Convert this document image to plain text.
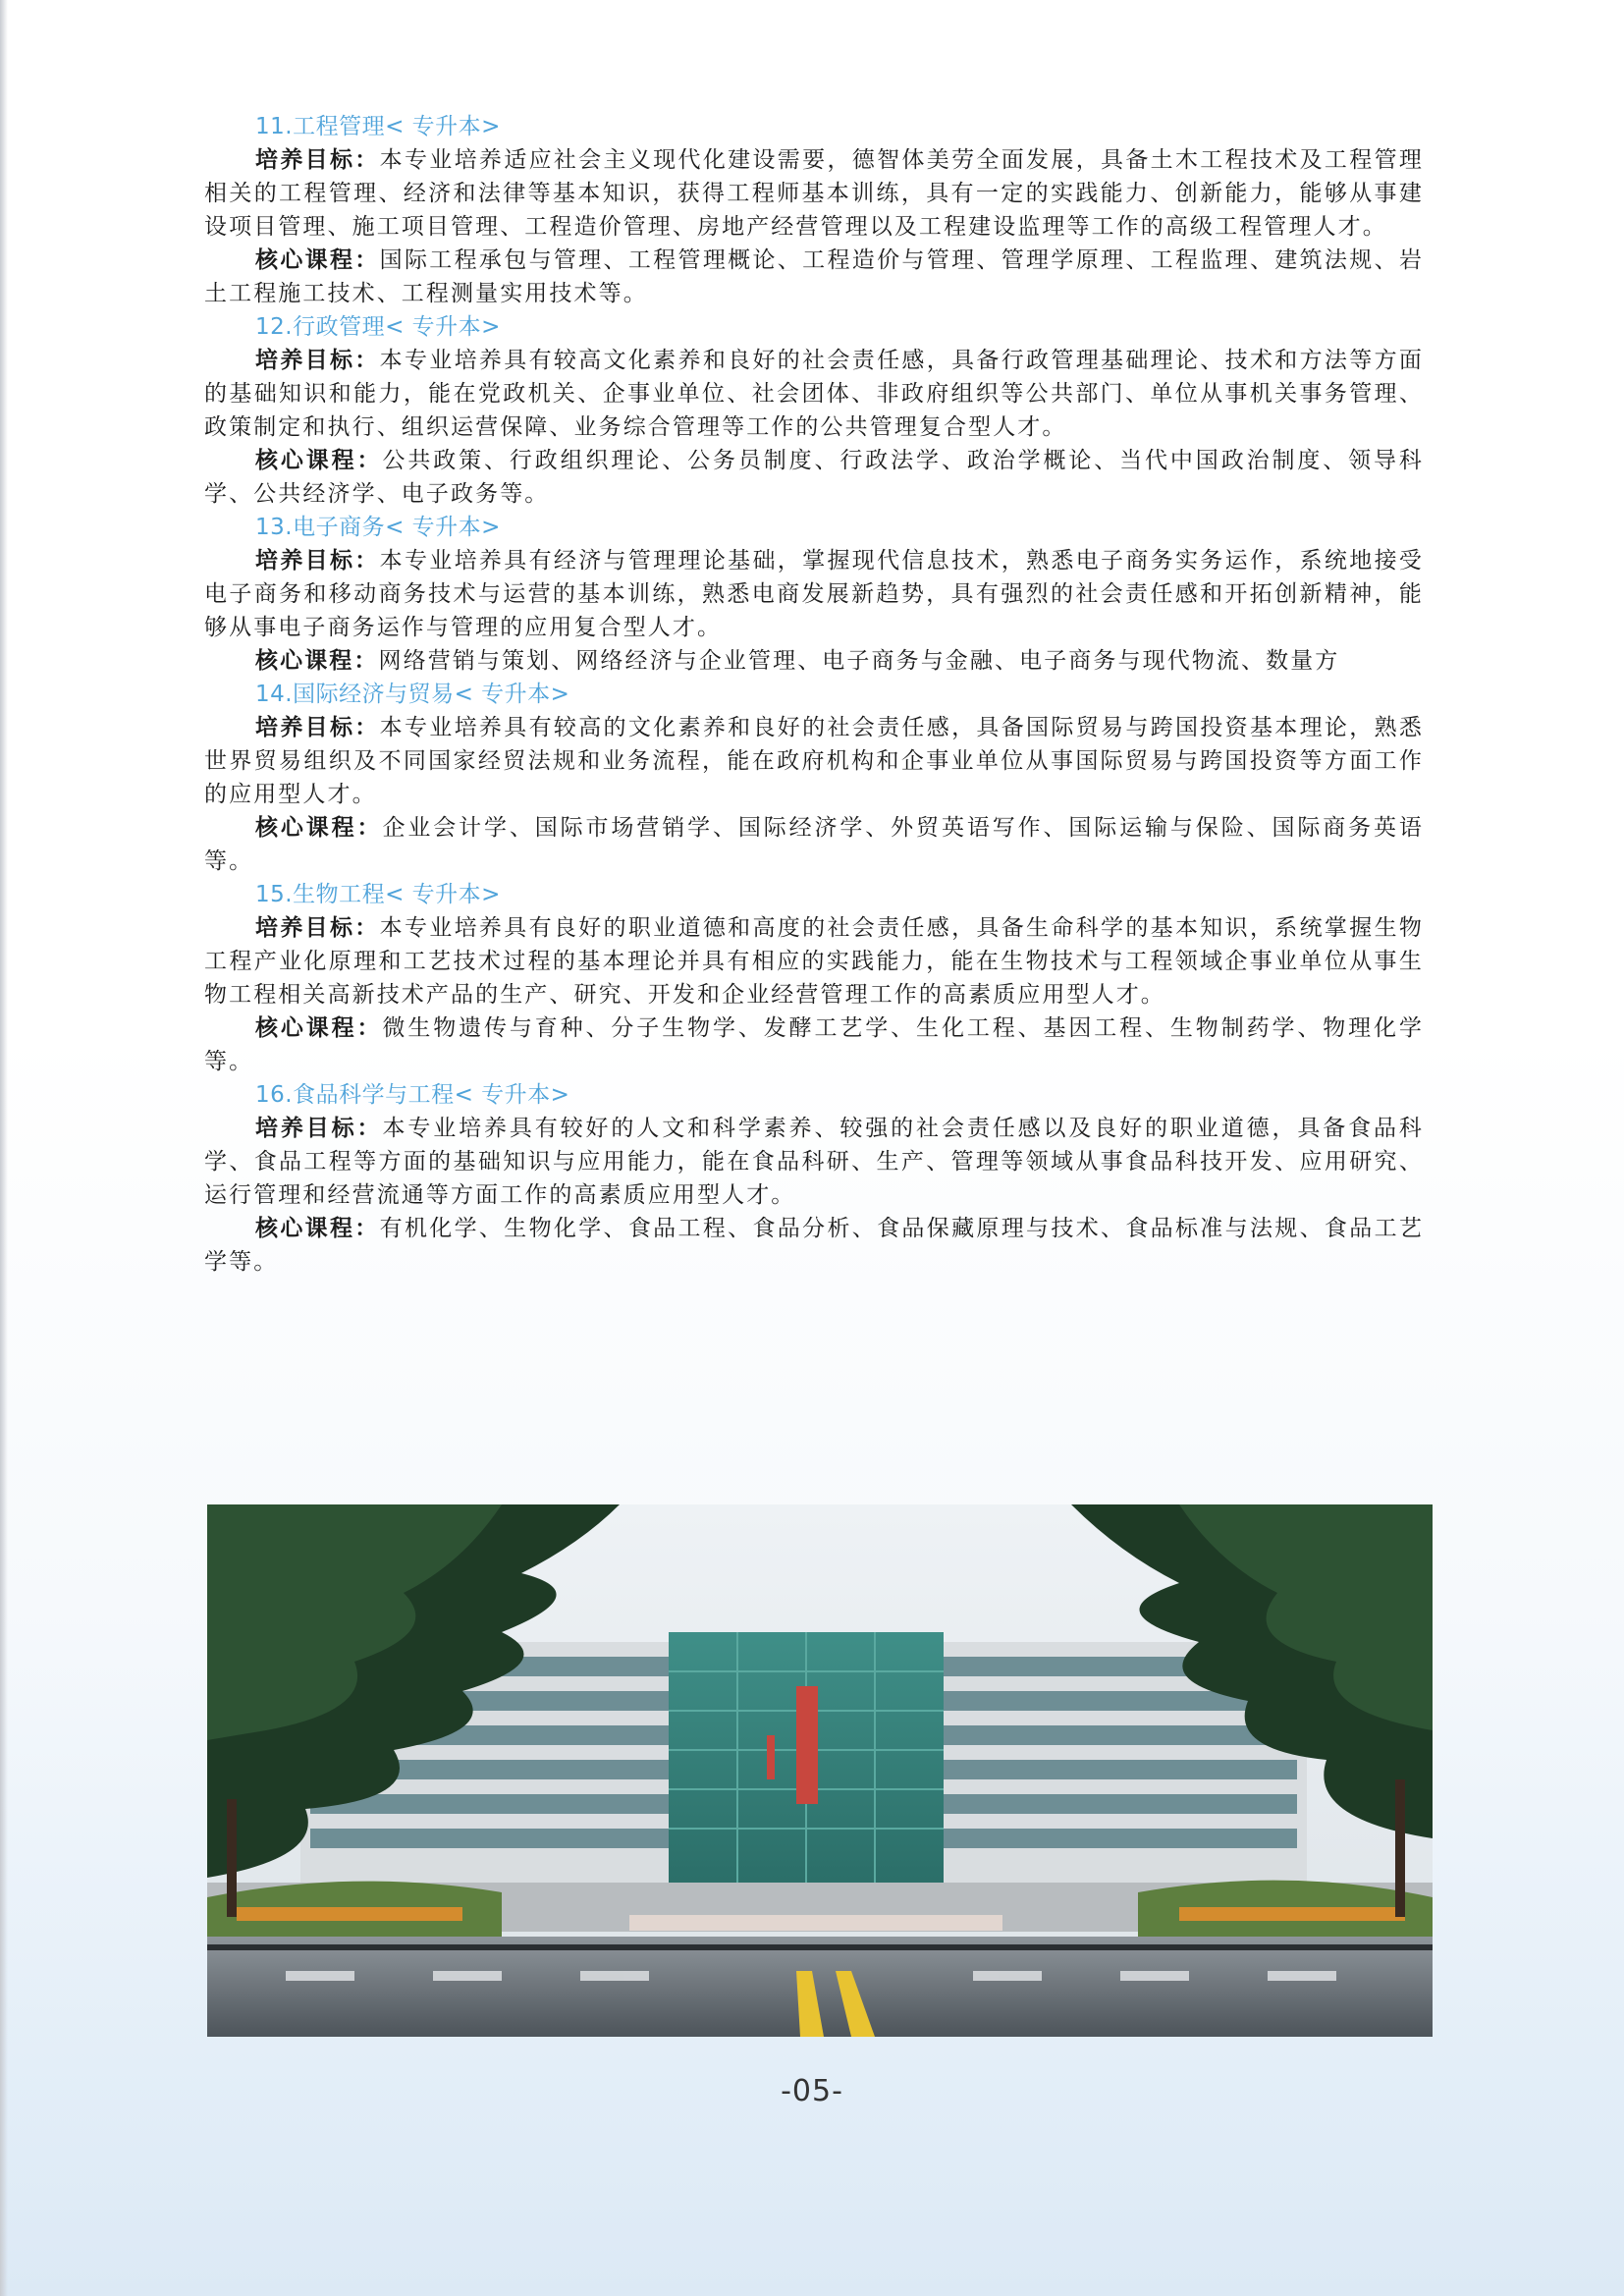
11.工程管理< 专升本>

培养目标：本专业培养适应社会主义现代化建设需要，德智体美劳全面发展，具备土木工程技术及工程管理相关的工程管理、经济和法律等基本知识，获得工程师基本训练，具有一定的实践能力、创新能力，能够从事建设项目管理、施工项目管理、工程造价管理、房地产经营管理以及工程建设监理等工作的高级工程管理人才。

核心课程：国际工程承包与管理、工程管理概论、工程造价与管理、管理学原理、工程监理、建筑法规、岩土工程施工技术、工程测量实用技术等。

12.行政管理< 专升本>

培养目标：本专业培养具有较高文化素养和良好的社会责任感，具备行政管理基础理论、技术和方法等方面的基础知识和能力，能在党政机关、企事业单位、社会团体、非政府组织等公共部门、单位从事机关事务管理、政策制定和执行、组织运营保障、业务综合管理等工作的公共管理复合型人才。

核心课程：公共政策、行政组织理论、公务员制度、行政法学、政治学概论、当代中国政治制度、领导科学、公共经济学、电子政务等。

13.电子商务< 专升本>

培养目标：本专业培养具有经济与管理理论基础，掌握现代信息技术，熟悉电子商务实务运作，系统地接受电子商务和移动商务技术与运营的基本训练，熟悉电商发展新趋势，具有强烈的社会责任感和开拓创新精神，能够从事电子商务运作与管理的应用复合型人才。

核心课程：网络营销与策划、网络经济与企业管理、电子商务与金融、电子商务与现代物流、数量方

14.国际经济与贸易< 专升本>

培养目标：本专业培养具有较高的文化素养和良好的社会责任感，具备国际贸易与跨国投资基本理论，熟悉世界贸易组织及不同国家经贸法规和业务流程，能在政府机构和企事业单位从事国际贸易与跨国投资等方面工作的应用型人才。

核心课程：企业会计学、国际市场营销学、国际经济学、外贸英语写作、国际运输与保险、国际商务英语等。

15.生物工程< 专升本>

培养目标：本专业培养具有良好的职业道德和高度的社会责任感，具备生命科学的基本知识，系统掌握生物工程产业化原理和工艺技术过程的基本理论并具有相应的实践能力，能在生物技术与工程领域企事业单位从事生物工程相关高新技术产品的生产、研究、开发和企业经营管理工作的高素质应用型人才。

核心课程：微生物遗传与育种、分子生物学、发酵工艺学、生化工程、基因工程、生物制药学、物理化学等。

16.食品科学与工程< 专升本>

培养目标：本专业培养具有较好的人文和科学素养、较强的社会责任感以及良好的职业道德，具备食品科学、食品工程等方面的基础知识与应用能力，能在食品科研、生产、管理等领域从事食品科技开发、应用研究、运行管理和经营流通等方面工作的高素质应用型人才。

核心课程：有机化学、生物化学、食品工程、食品分析、食品保藏原理与技术、食品标准与法规、食品工艺学等。

-05-
